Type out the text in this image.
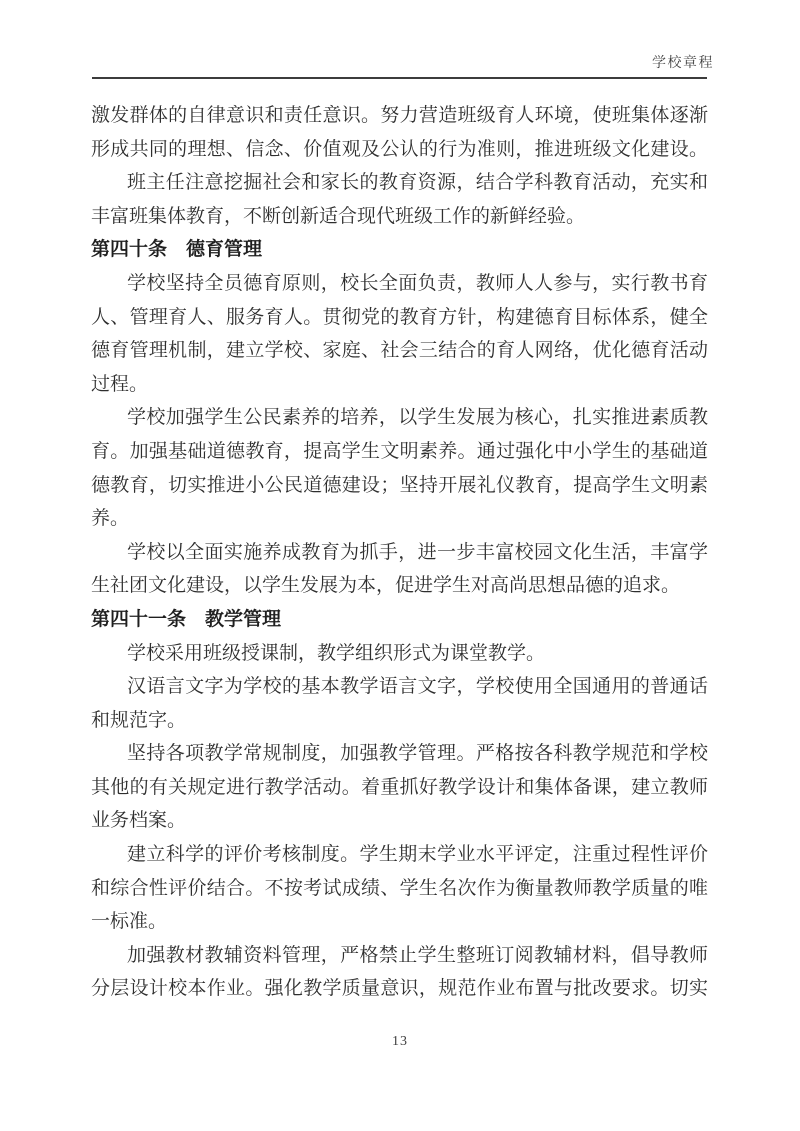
学校章程
激发群体的自律意识和责任意识。努力营造班级育人环境，使班集体逐渐
形成共同的理想、信念、价值观及公认的行为准则，推进班级文化建设。
班主任注意挖掘社会和家长的教育资源，结合学科教育活动，充实和
丰富班集体教育，不断创新适合现代班级工作的新鲜经验。
第四十条　德育管理
学校坚持全员德育原则，校长全面负责，教师人人参与，实行教书育
人、管理育人、服务育人。贯彻党的教育方针，构建德育目标体系，健全
德育管理机制，建立学校、家庭、社会三结合的育人网络，优化德育活动
过程。
学校加强学生公民素养的培养，以学生发展为核心，扎实推进素质教
育。加强基础道德教育，提高学生文明素养。通过强化中小学生的基础道
德教育，切实推进小公民道德建设；坚持开展礼仪教育，提高学生文明素
养。
学校以全面实施养成教育为抓手，进一步丰富校园文化生活，丰富学
生社团文化建设，以学生发展为本，促进学生对高尚思想品德的追求。
第四十一条　教学管理
学校采用班级授课制，教学组织形式为课堂教学。
汉语言文字为学校的基本教学语言文字，学校使用全国通用的普通话
和规范字。
坚持各项教学常规制度，加强教学管理。严格按各科教学规范和学校
其他的有关规定进行教学活动。着重抓好教学设计和集体备课，建立教师
业务档案。
建立科学的评价考核制度。学生期末学业水平评定，注重过程性评价
和综合性评价结合。不按考试成绩、学生名次作为衡量教师教学质量的唯
一标准。
加强教材教辅资料管理，严格禁止学生整班订阅教辅材料，倡导教师
分层设计校本作业。强化教学质量意识，规范作业布置与批改要求。切实
13
